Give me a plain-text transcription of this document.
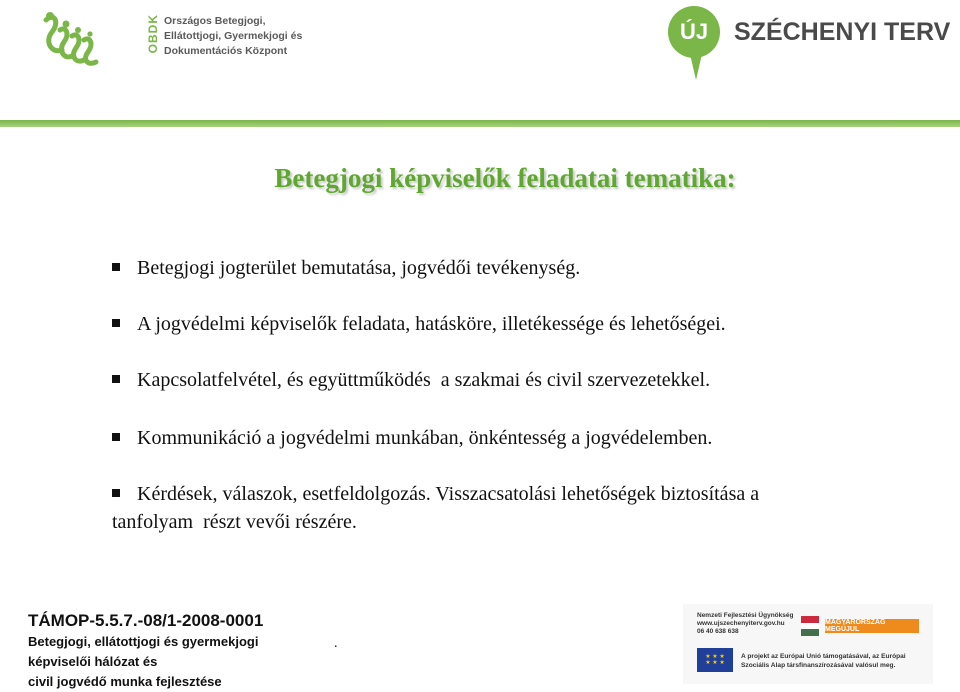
OBDK Országos Betegjogi,
Ellátottjogi, Gyermekjogi és
Dokumentációs Központ
ÚJ	SZÉCHENYI TERV
Betegjogi képviselők feladatai tematika:
Betegjogi jogterület bemutatása, jogvédői tevékenység.
A jogvédelmi képviselők feladata, hatásköre, illetékessége és lehetőségei.
Kapcsolatfelvétel, és együttműködés  a szakmai és civil szervezetekkel.
Kommunikáció a jogvédelmi munkában, önkéntesség a jogvédelemben.
Kérdések, válaszok, esetfeldolgozás. Visszacsatolási lehetőségek biztosítása a
tanfolyam  részt vevői részére.
TÁMOP-5.5.7.-08/1-2008-0001
Betegjogi, ellátottjogi és gyermekjogi
képviselői hálózat és
civil jogvédő munka fejlesztése
.
Nemzeti Fejlesztési Ügynökség
www.ujszechenyiterv.gov.hu
06 40 638 638
MAGYARORSZÁG MEGÚJUL
★ ★ ★ ★ ★ ★
A projekt az Európai Unió támogatásával, az Európai
Szociális Alap társfinanszírozásával valósul meg.
